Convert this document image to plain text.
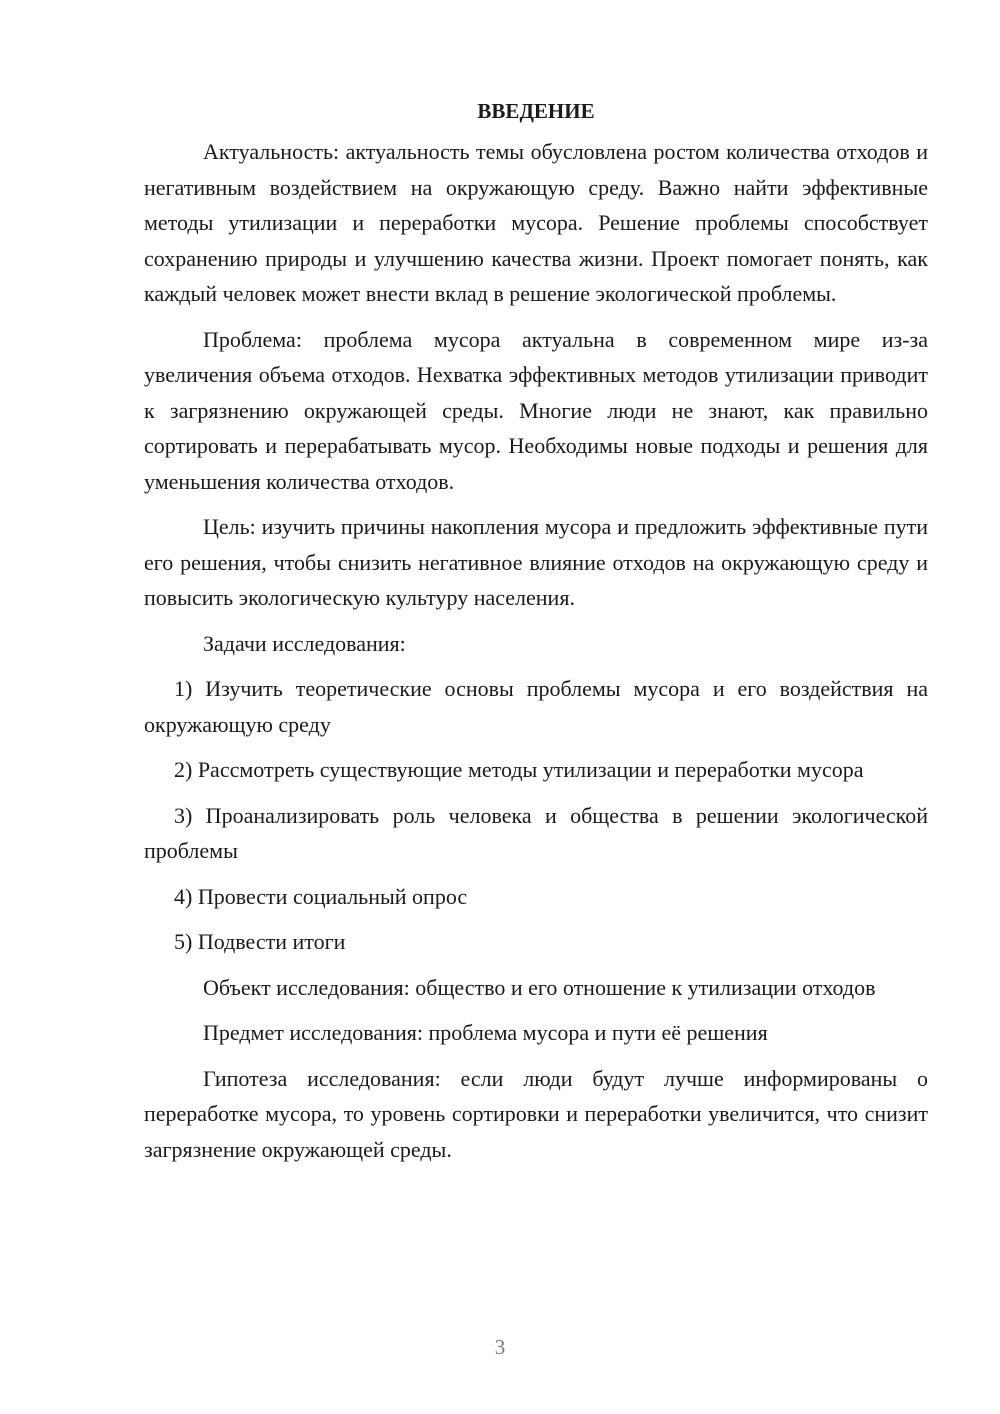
ВВЕДЕНИЕ

Актуальность: актуальность темы обусловлена ростом количества отходов и негативным воздействием на окружающую среду. Важно найти эффективные методы утилизации и переработки мусора. Решение проблемы способствует сохранению природы и улучшению качества жизни. Проект помогает понять, как каждый человек может внести вклад в решение экологической проблемы.

Проблема: проблема мусора актуальна в современном мире из-за увеличения объема отходов. Нехватка эффективных методов утилизации приводит к загрязнению окружающей среды. Многие люди не знают, как правильно сортировать и перерабатывать мусор. Необходимы новые подходы и решения для уменьшения количества отходов.

Цель: изучить причины накопления мусора и предложить эффективные пути его решения, чтобы снизить негативное влияние отходов на окружающую среду и повысить экологическую культуру населения.

Задачи исследования:

1) Изучить теоретические основы проблемы мусора и его воздействия на окружающую среду

2) Рассмотреть существующие методы утилизации и переработки мусора

3) Проанализировать роль человека и общества в решении экологической проблемы

4) Провести социальный опрос

5) Подвести итоги

Объект исследования: общество и его отношение к утилизации отходов

Предмет исследования: проблема мусора и пути её решения

Гипотеза исследования: если люди будут лучше информированы о переработке мусора, то уровень сортировки и переработки увеличится, что снизит загрязнение окружающей среды.

3
